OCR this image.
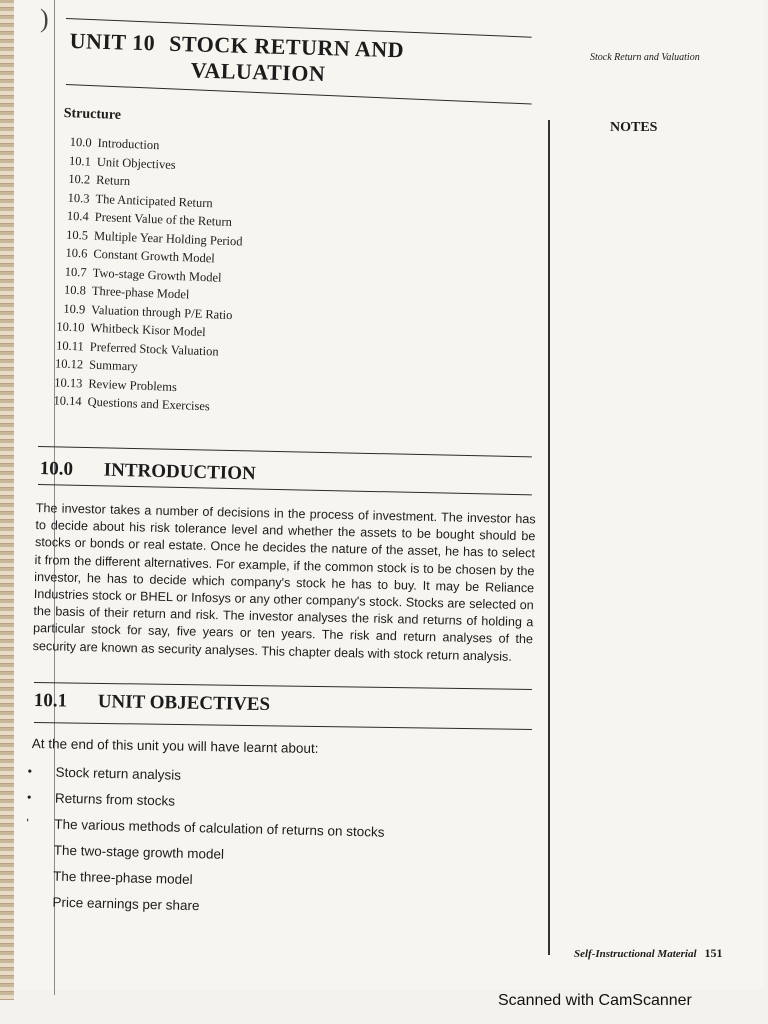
)
UNIT 10 STOCK RETURN AND
VALUATION	Stock Return and Valuation
NOTES
Structure
10.0 Introduction
10.1 Unit Objectives
10.2 Return
10.3 The Anticipated Return
10.4 Present Value of the Return
10.5 Multiple Year Holding Period
10.6 Constant Growth Model
10.7 Two-stage Growth Model
10.8 Three-phase Model
10.9 Valuation through P/E Ratio
10.10 Whitbeck Kisor Model
10.11 Preferred Stock Valuation
10.12 Summary
10.13 Review Problems
10.14 Questions and Exercises
10.0 INTRODUCTION
The investor takes a number of decisions in the process of investment. The investor has to decide about his risk tolerance level and whether the assets to be bought should be stocks or bonds or real estate. Once he decides the nature of the asset, he has to select it from the different alternatives. For example, if the common stock is to be chosen by the investor, he has to decide which company's stock he has to buy. It may be Reliance Industries stock or BHEL or Infosys or any other company's stock. Stocks are selected on the basis of their return and risk. The investor analyses the risk and returns of holding a particular stock for say, five years or ten years. The risk and return analyses of the security are known as security analyses. This chapter deals with stock return analysis.
10.1 UNIT OBJECTIVES
At the end of this unit you will have learnt about:
•	Stock return analysis
•	Returns from stocks
'	The various methods of calculation of returns on stocks
The two-stage growth model
The three-phase model
Price earnings per share
Self-Instructional Material 151
Scanned with CamScanner
